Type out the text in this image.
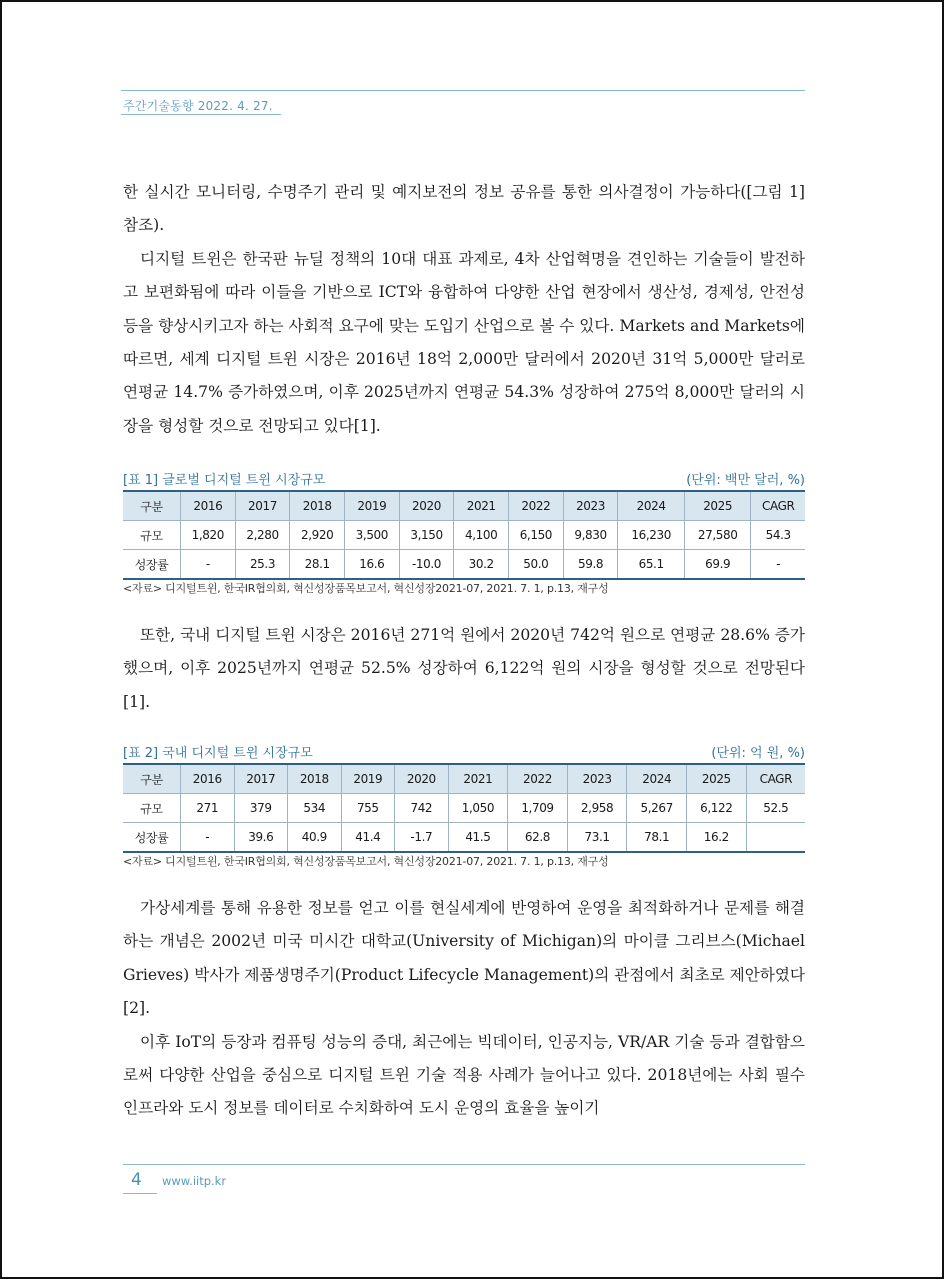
주간기술동향 2022. 4. 27.

한 실시간 모니터링, 수명주기 관리 및 예지보전의 정보 공유를 통한 의사결정이 가능하다([그림 1] 참조).

디지털 트윈은 한국판 뉴딜 정책의 10대 대표 과제로, 4차 산업혁명을 견인하는 기술들이 발전하고 보편화됨에 따라 이들을 기반으로 ICT와 융합하여 다양한 산업 현장에서 생산성, 경제성, 안전성 등을 향상시키고자 하는 사회적 요구에 맞는 도입기 산업으로 볼 수 있다. Markets and Markets에 따르면, 세계 디지털 트윈 시장은 2016년 18억 2,000만 달러에서 2020년 31억 5,000만 달러로 연평균 14.7% 증가하였으며, 이후 2025년까지 연평균 54.3% 성장하여 275억 8,000만 달러의 시장을 형성할 것으로 전망되고 있다[1].

[표 1] 글로벌 디지털 트윈 시장규모	(단위: 백만 달러, %)
구분	2016	2017	2018	2019	2020	2021	2022	2023	2024	2025	CAGR
규모	1,820	2,280	2,920	3,500	3,150	4,100	6,150	9,830	16,230	27,580	54.3
성장률	-	25.3	28.1	16.6	-10.0	30.2	50.0	59.8	65.1	69.9	-
<자료> 디지털트윈, 한국IR협의회, 혁신성장품목보고서, 혁신성장2021-07, 2021. 7. 1, p.13, 재구성

또한, 국내 디지털 트윈 시장은 2016년 271억 원에서 2020년 742억 원으로 연평균 28.6% 증가했으며, 이후 2025년까지 연평균 52.5% 성장하여 6,122억 원의 시장을 형성할 것으로 전망된다[1].

[표 2] 국내 디지털 트윈 시장규모	(단위: 억 원, %)
구분	2016	2017	2018	2019	2020	2021	2022	2023	2024	2025	CAGR
규모	271	379	534	755	742	1,050	1,709	2,958	5,267	6,122	52.5
성장률	-	39.6	40.9	41.4	-1.7	41.5	62.8	73.1	78.1	16.2	
<자료> 디지털트윈, 한국IR협의회, 혁신성장품목보고서, 혁신성장2021-07, 2021. 7. 1, p.13, 재구성

가상세계를 통해 유용한 정보를 얻고 이를 현실세계에 반영하여 운영을 최적화하거나 문제를 해결하는 개념은 2002년 미국 미시간 대학교(University of Michigan)의 마이클 그리브스(Michael Grieves) 박사가 제품생명주기(Product Lifecycle Management)의 관점에서 최초로 제안하였다[2].

이후 IoT의 등장과 컴퓨팅 성능의 증대, 최근에는 빅데이터, 인공지능, VR/AR 기술 등과 결합함으로써 다양한 산업을 중심으로 디지털 트윈 기술 적용 사례가 늘어나고 있다. 2018년에는 사회 필수 인프라와 도시 정보를 데이터로 수치화하여 도시 운영의 효율을 높이기

4 www.iitp.kr
